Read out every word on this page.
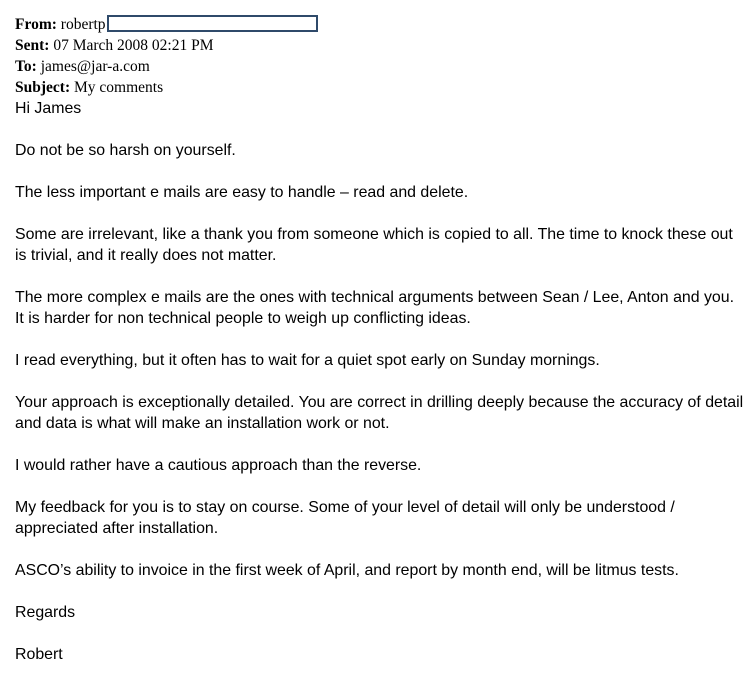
From: robertp
Sent: 07 March 2008 02:21 PM
To: james@jar-a.com
Subject: My comments

Hi James

Do not be so harsh on yourself.

The less important e mails are easy to handle – read and delete.

Some are irrelevant, like a thank you from someone which is copied to all. The time to knock these out is trivial, and it really does not matter.

The more complex e mails are the ones with technical arguments between Sean / Lee, Anton and you. It is harder for non technical people to weigh up conflicting ideas.

I read everything, but it often has to wait for a quiet spot early on Sunday mornings.

Your approach is exceptionally detailed. You are correct in drilling deeply because the accuracy of detail and data is what will make an installation work or not.

I would rather have a cautious approach than the reverse.

My feedback for you is to stay on course. Some of your level of detail will only be understood / appreciated after installation.

ASCO’s ability to invoice in the first week of April, and report by month end, will be litmus tests.

Regards

Robert
